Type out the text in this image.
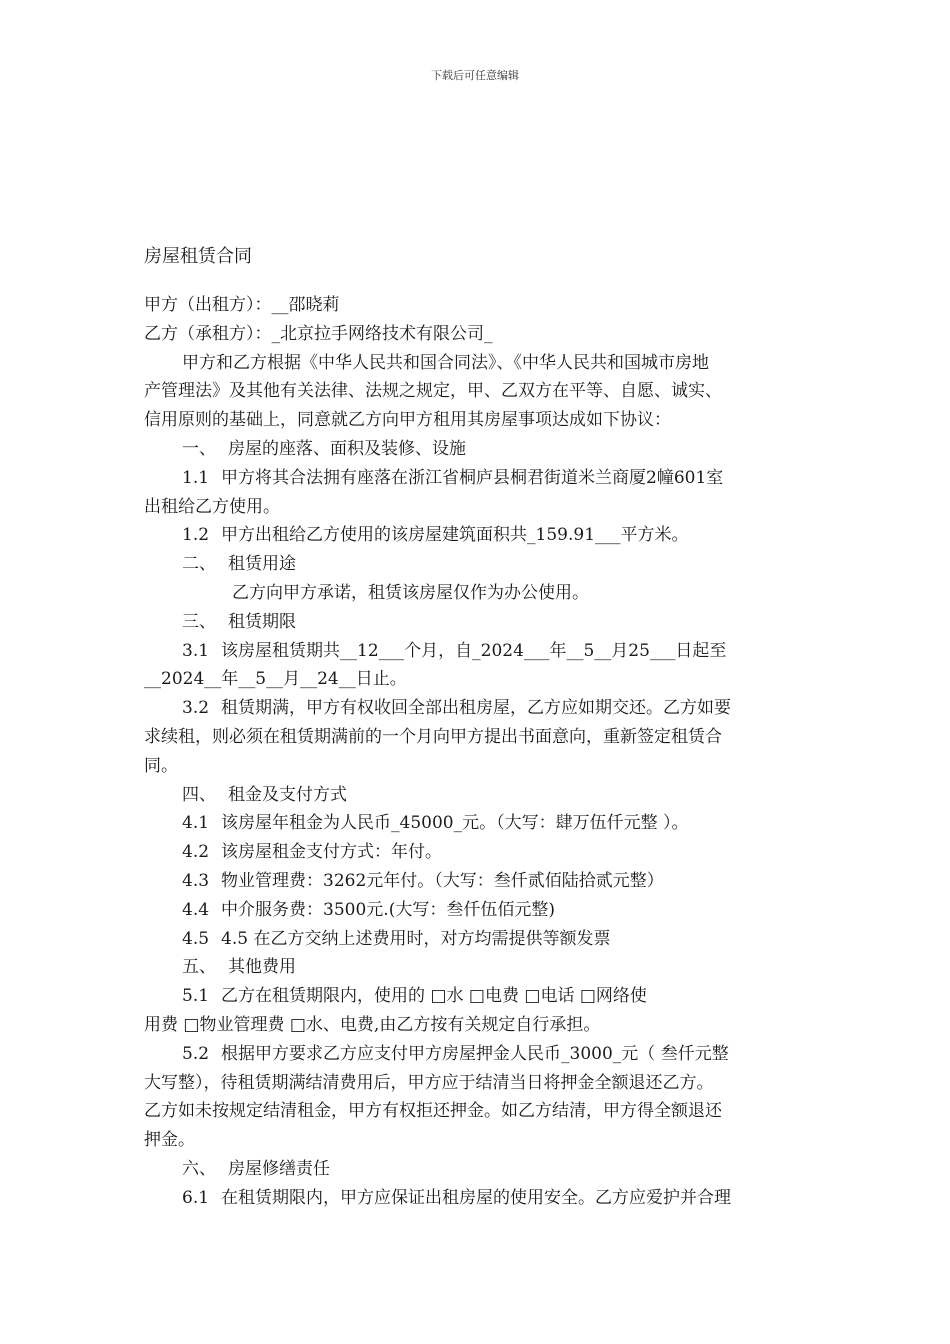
下载后可任意编辑
房屋租赁合同
甲方（出租方）：__邵晓莉
乙方（承租方）：_北京拉手网络技术有限公司_
甲方和乙方根据《中华人民共和国合同法》、《中华人民共和国城市房地
产管理法》及其他有关法律、法规之规定，甲、乙双方在平等、自愿、诚实、
信用原则的基础上，同意就乙方向甲方租用其房屋事项达成如下协议：
一、 房屋的座落、面积及装修、设施
1.1 甲方将其合法拥有座落在浙江省桐庐县桐君街道米兰商厦2幢601室
出租给乙方使用。
1.2 甲方出租给乙方使用的该房屋建筑面积共_159.91___平方米。
二、 租赁用途
乙方向甲方承诺，租赁该房屋仅作为办公使用。
三、 租赁期限
3.1 该房屋租赁期共__12___个月，自_2024___年__5__月25___日起至
__2024__年__5__月__24__日止。
3.2 租赁期满，甲方有权收回全部出租房屋，乙方应如期交还。乙方如要
求续租，则必须在租赁期满前的一个月向甲方提出书面意向，重新签定租赁合
同。
四、 租金及支付方式
4.1 该房屋年租金为人民币_45000_元。（大写：肆万伍仟元整 ）。
4.2 该房屋租金支付方式：年付。
4.3 物业管理费：3262元年付。（大写：叁仟贰佰陆拾贰元整）
4.4 中介服务费：3500元.(大写：叁仟伍佰元整)
4.5 4.5 在乙方交纳上述费用时，对方均需提供等额发票
五、 其他费用
5.1 乙方在租赁期限内，使用的 □水 □电费 □电话 □网络使
用费 □物业管理费 □水、电费,由乙方按有关规定自行承担。
5.2 根据甲方要求乙方应支付甲方房屋押金人民币_3000_元（ 叁仟元整
大写整），待租赁期满结清费用后，甲方应于结清当日将押金全额退还乙方。
乙方如未按规定结清租金，甲方有权拒还押金。如乙方结清，甲方得全额退还
押金。
六、 房屋修缮责任
6.1 在租赁期限内，甲方应保证出租房屋的使用安全。乙方应爱护并合理
